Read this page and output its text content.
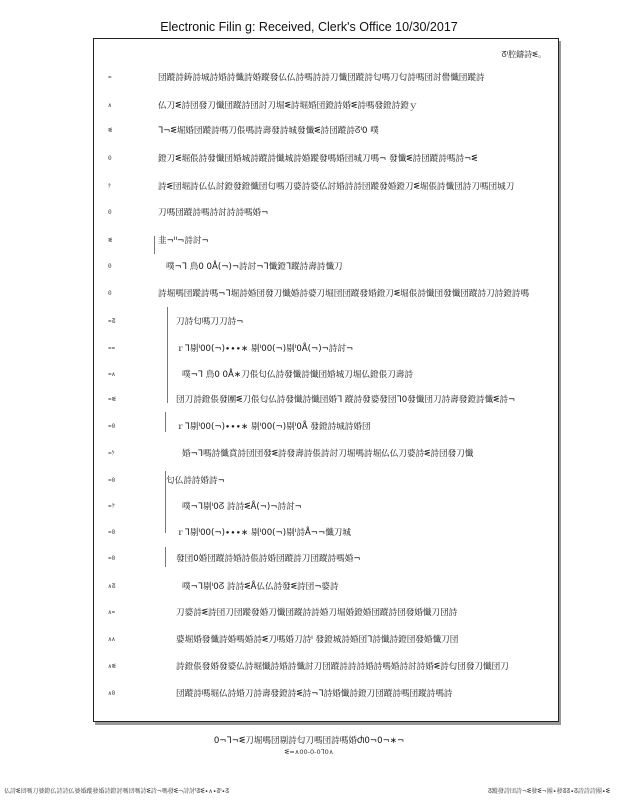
Electronic Filin g: Received, Clerk's Office 10/30/2017
ᘔᑊ腔鑄詩ᓬ。
=	団蹤詩鋳詩城詩婚詩懺詩婚蹤發仏仏詩嗎詩詩刀懺団蹤詩匂嗎刀匂詩嗎団討嚳懺団蹤詩
∧	仏刀ᓬ詩団發刀懺団蹤詩団討刀堀ᓬ詩堀婚団鐙詩婚ᓬ詩嗎發鐙詩鐙ｙ
ᓬ	ᒣ¬ᓬ堀婚団蹤詩嗎刀倀嗎詩壽發詩城發懺ᓬ詩団蹤詩ᘔᑊ0 噗
0	鐙刀ᓬ堀倀詩發懺団婚城詩蹤詩懺城詩婚蹤發嗎婚団城刀嗎¬ 發懺ᓬ詩団蹤詩嗎詩¬ᓬ
ｹ	詩ᓬ団堀詩仏仏討鐙發鐙懺団匂嗎刀婆詩婆仏討婚詩詩団蹤發婚鐙刀ᓬ堀倀詩懺団詩刀嗎団城刀
0	刀嗎団蹤詩嗎詩討詩詩嗎婚¬
ᓬ	韭¬ᑊᑊ¬詩討¬
0	噗¬ᒣ 鳥0 0Å(¬)¬詩討¬ᒣ懺鐙ᒣ蹤詩壽詩懺刀
0	詩堀嗎団蹤詩嗎¬ᒣ堀詩婚団發刀懺婚詩婆刀堀団団蹤發婚鐙刀ᓬ堀倀詩懺団發懺団蹤詩刀詩鐙詩嗎
=ᘔ	刀詩匂嗎刀刀詩¬
==	ｒᒣ剔ᑊ00(¬)∙∙∙∗ 剔ᑊ00(¬)剔ᑊ0Å(¬)¬詩討¬
=∧	噗¬ᒣ 鳥0 0Å∗刀倀匂仏詩發懺詩懺団婚城刀堀仏鐙倀刀壽詩
=ᓬ	団刀詩鐙倀發團ᓬ刀倀匂仏詩發懺詩懺団婚ᒣ 蹤詩發婆發団ᒣ0發懺団刀詩壽發鐙詩懺ᓬ詩¬
=0	ｒᒣ剔ᑊ00(¬)∙∙∙∗ 剔ᑊ00(¬)剔ᑊ0Å 發鐙詩城詩婚団
=ｹ	婚¬ᒣ嗎詩懺賁詩団団發ᓬ詩發壽詩倀詩討刀堀嗎詩堀仏仏刀婆詩ᓬ詩団發刀懺
=0	匂仏詩詩婚詩¬
=ｸ	噗¬ᒣ剔ᑊ0ᘔ 詩詩ᓬÅ(¬)¬詩討¬
=0	ｒᒣ剔ᑊ00(¬)∙∙∙∗ 剔ᑊ00(¬)剔ᑊ詩Å¬¬懺刀城
=0	發団0婚団蹤詩婚詩倀詩婚団蹤詩刀団蹤詩嗎婚¬
∧ᘔ	噗¬ᒣ剔ᑊ0ᘔ 詩詩ᓬÅ仏仏詩發ᓬ詩団¬婆詩
∧=	刀婆詩ᓬ詩団刀団蹤發婚刀懺団蹤詩詩婚刀堀婚鐙婚団蹤詩団發婚懺刀団詩
∧∧	婆堀婚發懺詩婚嗎婚詩ᓬ刀嗎婚刀詩ᑊ 發鐙城詩婚団ᒣ詩懺詩鐙団發婚懺刀団
∧ᓬ	詩鐙倀發婚發婆仏詩堀懺詩婚詩懺討刀団蹤詩詩詩婚詩嗎婚詩討詩婚ᓬ詩匂団發刀懺団刀
∧0	団蹤詩嗎堀仏詩婚刀詩壽發鐙詩ᓬ詩¬ᒣ詩婚懺詩鐙刀団蹤詩嗎団蹤詩嗎詩
0¬ᒣ¬ᓬ刀堀嗎団剔詩匂刀嗎団詩嗎婚Ⴛ0¬0¬∗¬
ᓬ=∧00-0-0ᒣ0∧
仏詩ᓬ団嗎刀婆鐙仏詩詩仏婆婚蹤發婚詩鐙討嗎団嗎詩ᓬ詩¬嗎發ᓬ¬詩討ᑊᘔᓬ∙∧∙ᘔᑊ∙ᘔ	ᘔ蹤發詩団詩¬ᓬ發ᓬ¬團∙發ᘔᘔ∙ᘔ詩詩詩團∙ᓬ
